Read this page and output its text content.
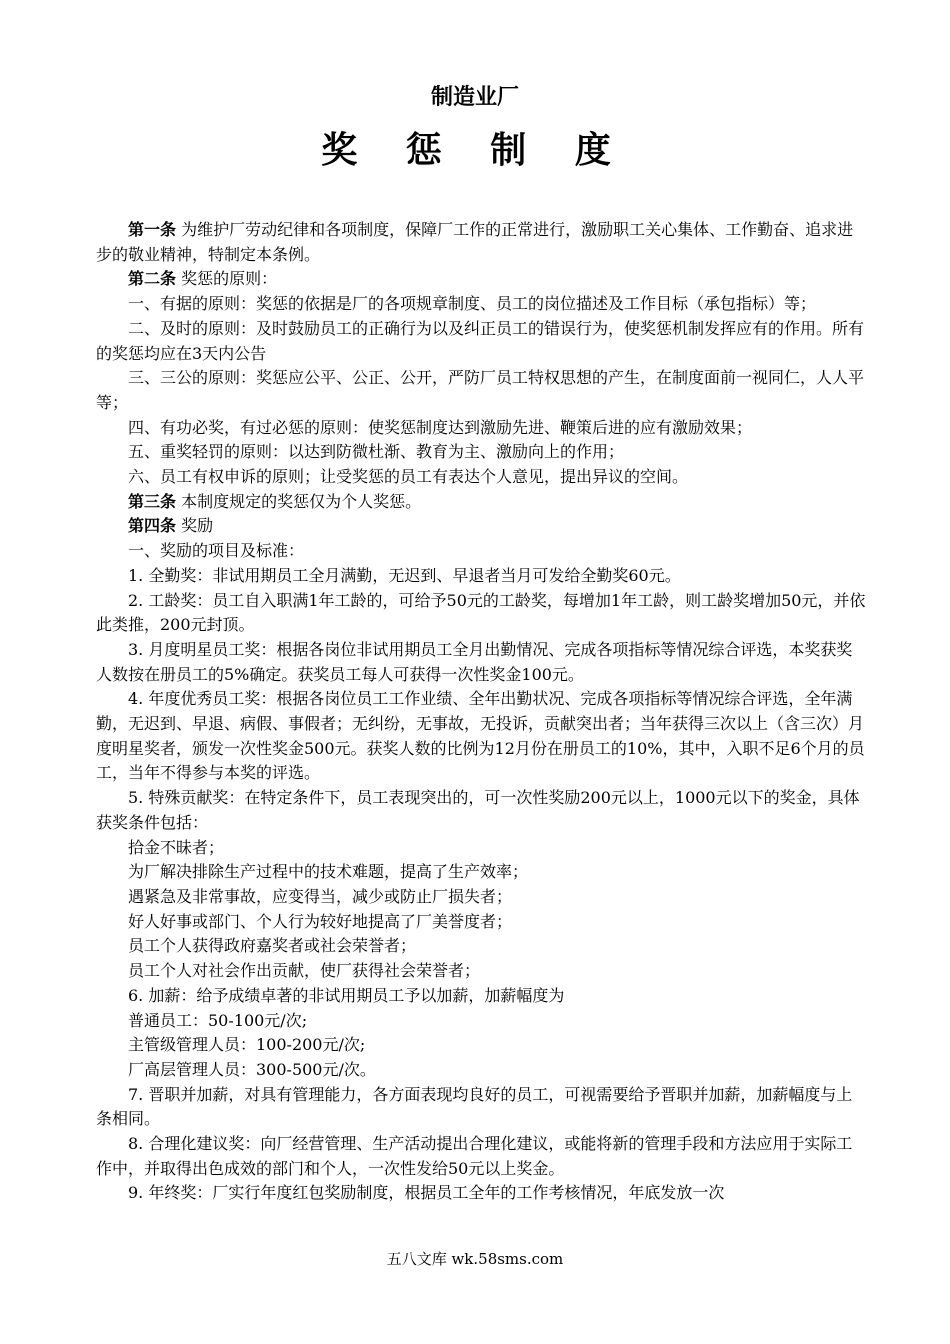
制造业厂
奖 惩 制 度

第一条 为维护厂劳动纪律和各项制度，保障厂工作的正常进行，激励职工关心集体、工作勤奋、追求进步的敬业精神，特制定本条例。

第二条 奖惩的原则：

一、有据的原则：奖惩的依据是厂的各项规章制度、员工的岗位描述及工作目标（承包指标）等；

二、及时的原则：及时鼓励员工的正确行为以及纠正员工的错误行为，使奖惩机制发挥应有的作用。所有的奖惩均应在3天内公告

三、三公的原则：奖惩应公平、公正、公开，严防厂员工特权思想的产生，在制度面前一视同仁，人人平等；

四、有功必奖，有过必惩的原则：使奖惩制度达到激励先进、鞭策后进的应有激励效果；

五、重奖轻罚的原则：以达到防微杜渐、教育为主、激励向上的作用；

六、员工有权申诉的原则；让受奖惩的员工有表达个人意见，提出异议的空间。

第三条 本制度规定的奖惩仅为个人奖惩。

第四条 奖励

一、奖励的项目及标准：

1. 全勤奖：非试用期员工全月满勤，无迟到、早退者当月可发给全勤奖60元。

2. 工龄奖：员工自入职满1年工龄的，可给予50元的工龄奖，每增加1年工龄，则工龄奖增加50元，并依此类推，200元封顶。

3. 月度明星员工奖：根据各岗位非试用期员工全月出勤情况、完成各项指标等情况综合评选，本奖获奖人数按在册员工的5%确定。获奖员工每人可获得一次性奖金100元。

4. 年度优秀员工奖：根据各岗位员工工作业绩、全年出勤状况、完成各项指标等情况综合评选，全年满勤，无迟到、早退、病假、事假者；无纠纷，无事故，无投诉，贡献突出者；当年获得三次以上（含三次）月度明星奖者，颁发一次性奖金500元。获奖人数的比例为12月份在册员工的10%，其中，入职不足6个月的员工，当年不得参与本奖的评选。

5. 特殊贡献奖：在特定条件下，员工表现突出的，可一次性奖励200元以上，1000元以下的奖金，具体获奖条件包括：

拾金不昧者；

为厂解决排除生产过程中的技术难题，提高了生产效率；

遇紧急及非常事故，应变得当，减少或防止厂损失者；

好人好事或部门、个人行为较好地提高了厂美誉度者；

员工个人获得政府嘉奖者或社会荣誉者；

员工个人对社会作出贡献，使厂获得社会荣誉者；

6. 加薪：给予成绩卓著的非试用期员工予以加薪，加薪幅度为

普通员工：50-100元/次;

主管级管理人员：100-200元/次;

厂高层管理人员：300-500元/次。

7. 晋职并加薪，对具有管理能力，各方面表现均良好的员工，可视需要给予晋职并加薪，加薪幅度与上条相同。

8. 合理化建议奖：向厂经营管理、生产活动提出合理化建议，或能将新的管理手段和方法应用于实际工作中，并取得出色成效的部门和个人，一次性发给50元以上奖金。

9. 年终奖：厂实行年度红包奖励制度，根据员工全年的工作考核情况，年底发放一次

五八文库 wk.58sms.com
